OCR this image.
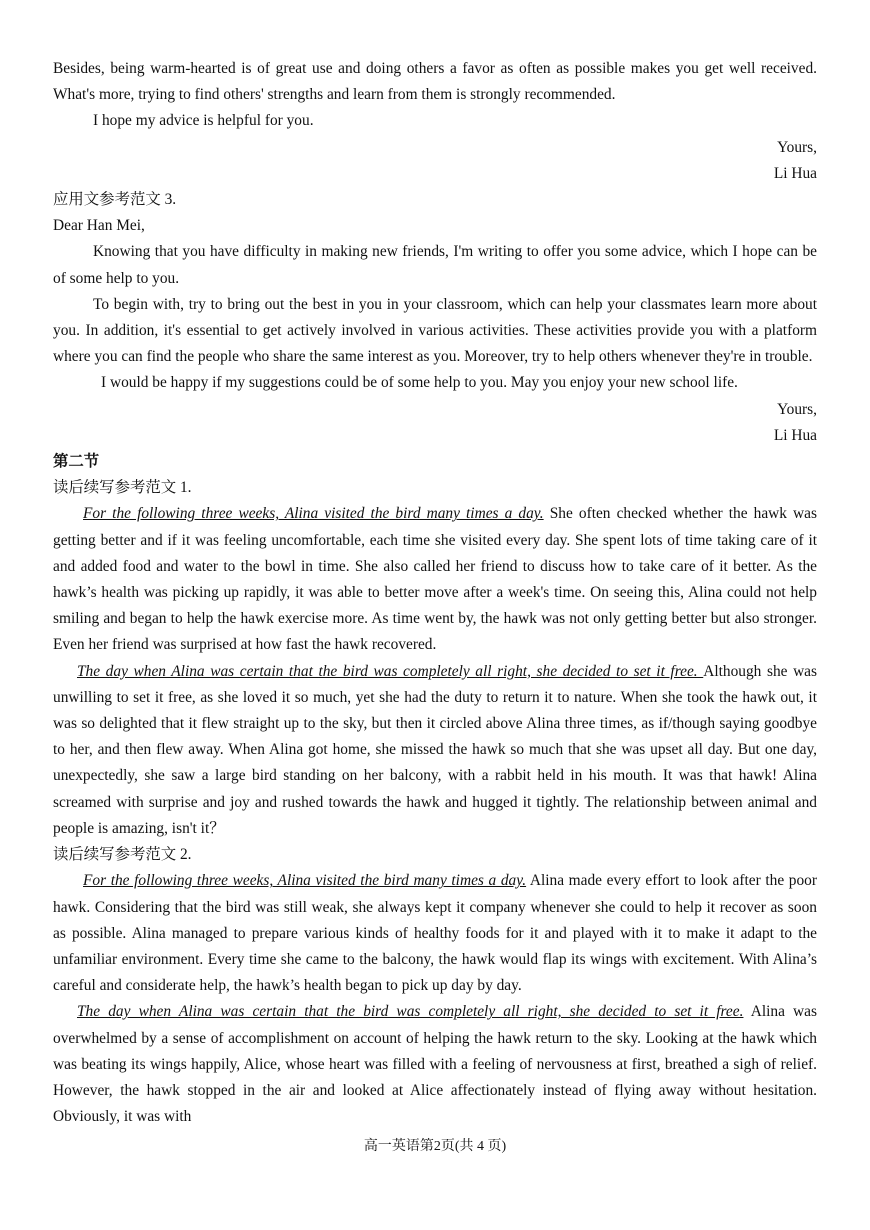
Besides, being warm-hearted is of great use and doing others a favor as often as possible makes you get well received. What's more, trying to find others' strengths and learn from them is strongly recommended.

I hope my advice is helpful for you.

Yours,

Li Hua

应用文参考范文 3.

Dear Han Mei,

Knowing that you have difficulty in making new friends, I'm writing to offer you some advice, which I hope can be of some help to you.

To begin with, try to bring out the best in you in your classroom, which can help your classmates learn more about you. In addition, it's essential to get actively involved in various activities. These activities provide you with a platform where you can find the people who share the same interest as you. Moreover, try to help others whenever they're in trouble.

I would be happy if my suggestions could be of some help to you. May you enjoy your new school life.

Yours,

Li Hua

第二节

读后续写参考范文 1.

For the following three weeks, Alina visited the bird many times a day. She often checked whether the hawk was getting better and if it was feeling uncomfortable, each time she visited every day. She spent lots of time taking care of it and added food and water to the bowl in time. She also called her friend to discuss how to take care of it better. As the hawk’s health was picking up rapidly, it was able to better move after a week's time. On seeing this, Alina could not help smiling and began to help the hawk exercise more. As time went by, the hawk was not only getting better but also stronger. Even her friend was surprised at how fast the hawk recovered.

The day when Alina was certain that the bird was completely all right, she decided to set it free. Although she was unwilling to set it free, as she loved it so much, yet she had the duty to return it to nature. When she took the hawk out, it was so delighted that it flew straight up to the sky, but then it circled above Alina three times, as if/though saying goodbye to her, and then flew away. When Alina got home, she missed the hawk so much that she was upset all day. But one day, unexpectedly, she saw a large bird standing on her balcony, with a rabbit held in his mouth. It was that hawk! Alina screamed with surprise and joy and rushed towards the hawk and hugged it tightly. The relationship between animal and people is amazing, isn't it？

读后续写参考范文 2.

For the following three weeks, Alina visited the bird many times a day. Alina made every effort to look after the poor hawk. Considering that the bird was still weak, she always kept it company whenever she could to help it recover as soon as possible. Alina managed to prepare various kinds of healthy foods for it and played with it to make it adapt to the unfamiliar environment. Every time she came to the balcony, the hawk would flap its wings with excitement. With Alina’s careful and considerate help, the hawk’s health began to pick up day by day.

The day when Alina was certain that the bird was completely all right, she decided to set it free. Alina was overwhelmed by a sense of accomplishment on account of helping the hawk return to the sky. Looking at the hawk which was beating its wings happily, Alice, whose heart was filled with a feeling of nervousness at first, breathed a sigh of relief. However, the hawk stopped in the air and looked at Alice affectionately instead of flying away without hesitation. Obviously, it was with

高一英语第2页(共 4 页)
